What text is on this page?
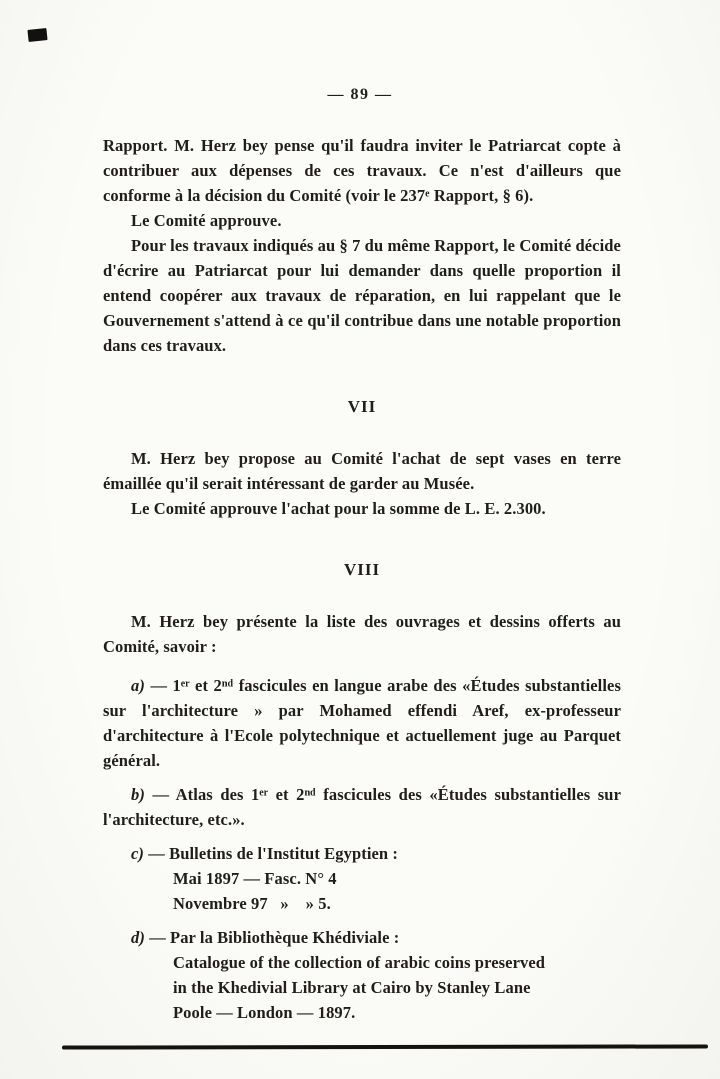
— 89 —

Rapport. M. Herz bey pense qu'il faudra inviter le Patriarcat copte à contribuer aux dépenses de ces travaux. Ce n'est d'ailleurs que conforme à la décision du Comité (voir le 237ᵉ Rapport, § 6).

Le Comité approuve.

Pour les travaux indiqués au § 7 du même Rapport, le Comité décide d'écrire au Patriarcat pour lui demander dans quelle proportion il entend coopérer aux travaux de réparation, en lui rappelant que le Gouvernement s'attend à ce qu'il contribue dans une notable proportion dans ces travaux.

VII

M. Herz bey propose au Comité l'achat de sept vases en terre émaillée qu'il serait intéressant de garder au Musée.

Le Comité approuve l'achat pour la somme de L. E. 2.300.

VIII

M. Herz bey présente la liste des ouvrages et dessins offerts au Comité, savoir :

a) — 1ᵉʳ et 2ⁿᵈ fascicules en langue arabe des «Études substantielles sur l'architecture » par Mohamed effendi Aref, ex-professeur d'architecture à l'Ecole polytechnique et actuellement juge au Parquet général.

b) — Atlas des 1ᵉʳ et 2ⁿᵈ fascicules des «Études substantielles sur l'architecture, etc.».

c) — Bulletins de l'Institut Egyptien :

Mai 1897 — Fasc. N° 4

Novembre 97   »    » 5.

d) — Par la Bibliothèque Khédiviale :

Catalogue of the collection of arabic coins preserved

in the Khedivial Library at Cairo by Stanley Lane

Poole — London — 1897.
